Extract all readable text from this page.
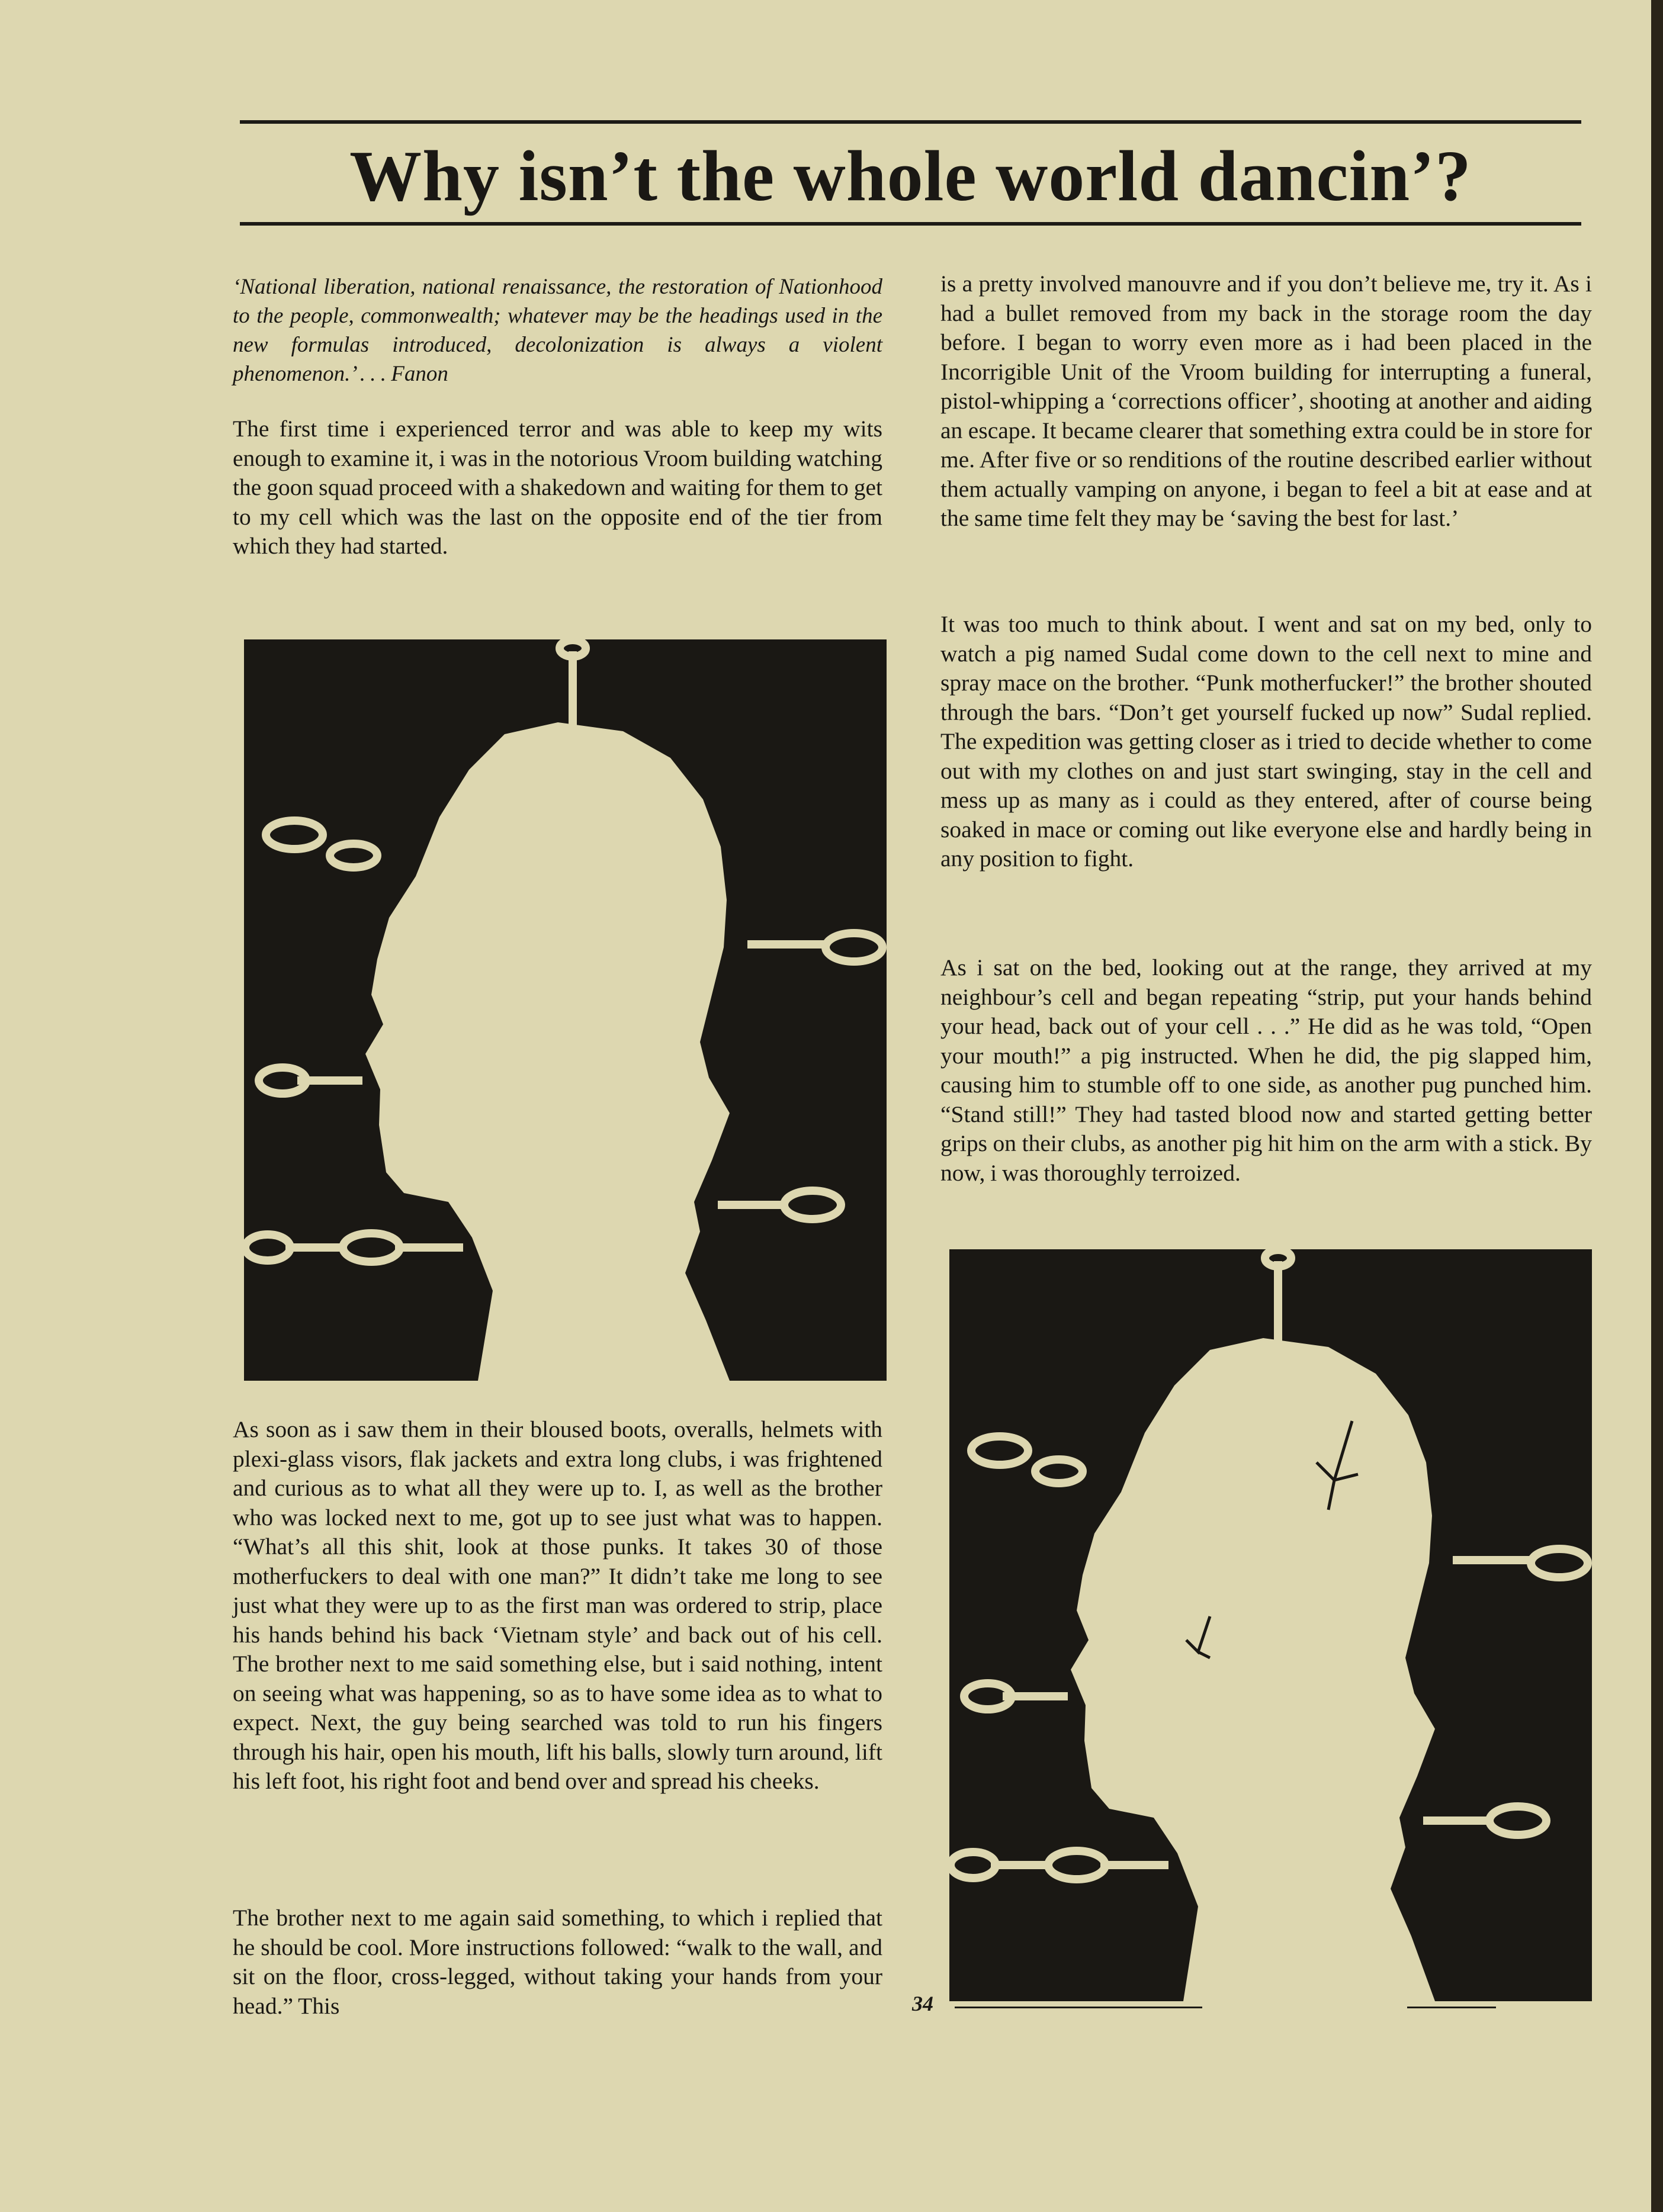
Why isn’t the whole world dancin’?

‘National liberation, national renaissance, the restoration of Nationhood to the people, commonwealth; whatever may be the headings used in the new formulas introduced, decolonization is always a violent phenomenon.’ . . . Fanon

The first time i experienced terror and was able to keep my wits enough to examine it, i was in the notorious Vroom building watching the goon squad proceed with a shakedown and waiting for them to get to my cell which was the last on the opposite end of the tier from which they had started.

As soon as i saw them in their bloused boots, overalls, helmets with plexi-glass visors, flak jackets and extra long clubs, i was frightened and curious as to what all they were up to. I, as well as the brother who was locked next to me, got up to see just what was to happen. “What’s all this shit, look at those punks. It takes 30 of those motherfuckers to deal with one man?” It didn’t take me long to see just what they were up to as the first man was ordered to strip, place his hands behind his back ‘Vietnam style’ and back out of his cell. The brother next to me said something else, but i said nothing, intent on seeing what was happening, so as to have some idea as to what to expect. Next, the guy being searched was told to run his fingers through his hair, open his mouth, lift his balls, slowly turn around, lift his left foot, his right foot and bend over and spread his cheeks.

The brother next to me again said something, to which i replied that he should be cool. More instructions followed: “walk to the wall, and sit on the floor, cross-legged, without taking your hands from your head.” This

is a pretty involved manouvre and if you don’t believe me, try it. As i had a bullet removed from my back in the storage room the day before. I began to worry even more as i had been placed in the Incorrigible Unit of the Vroom building for interrupting a funeral, pistol-whipping a ‘corrections officer’, shooting at another and aiding an escape. It became clearer that something extra could be in store for me. After five or so renditions of the routine described earlier without them actually vamping on anyone, i began to feel a bit at ease and at the same time felt they may be ‘saving the best for last.’

It was too much to think about. I went and sat on my bed, only to watch a pig named Sudal come down to the cell next to mine and spray mace on the brother. “Punk motherfucker!” the brother shouted through the bars. “Don’t get yourself fucked up now” Sudal replied. The expedition was getting closer as i tried to decide whether to come out with my clothes on and just start swinging, stay in the cell and mess up as many as i could as they entered, after of course being soaked in mace or coming out like everyone else and hardly being in any position to fight.

As i sat on the bed, looking out at the range, they arrived at my neighbour’s cell and began repeating “strip, put your hands behind your head, back out of your cell . . .” He did as he was told, “Open your mouth!” a pig instructed. When he did, the pig slapped him, causing him to stumble off to one side, as another pug punched him. “Stand still!” They had tasted blood now and started getting better grips on their clubs, as another pig hit him on the arm with a stick. By now, i was thoroughly terroized.

34
